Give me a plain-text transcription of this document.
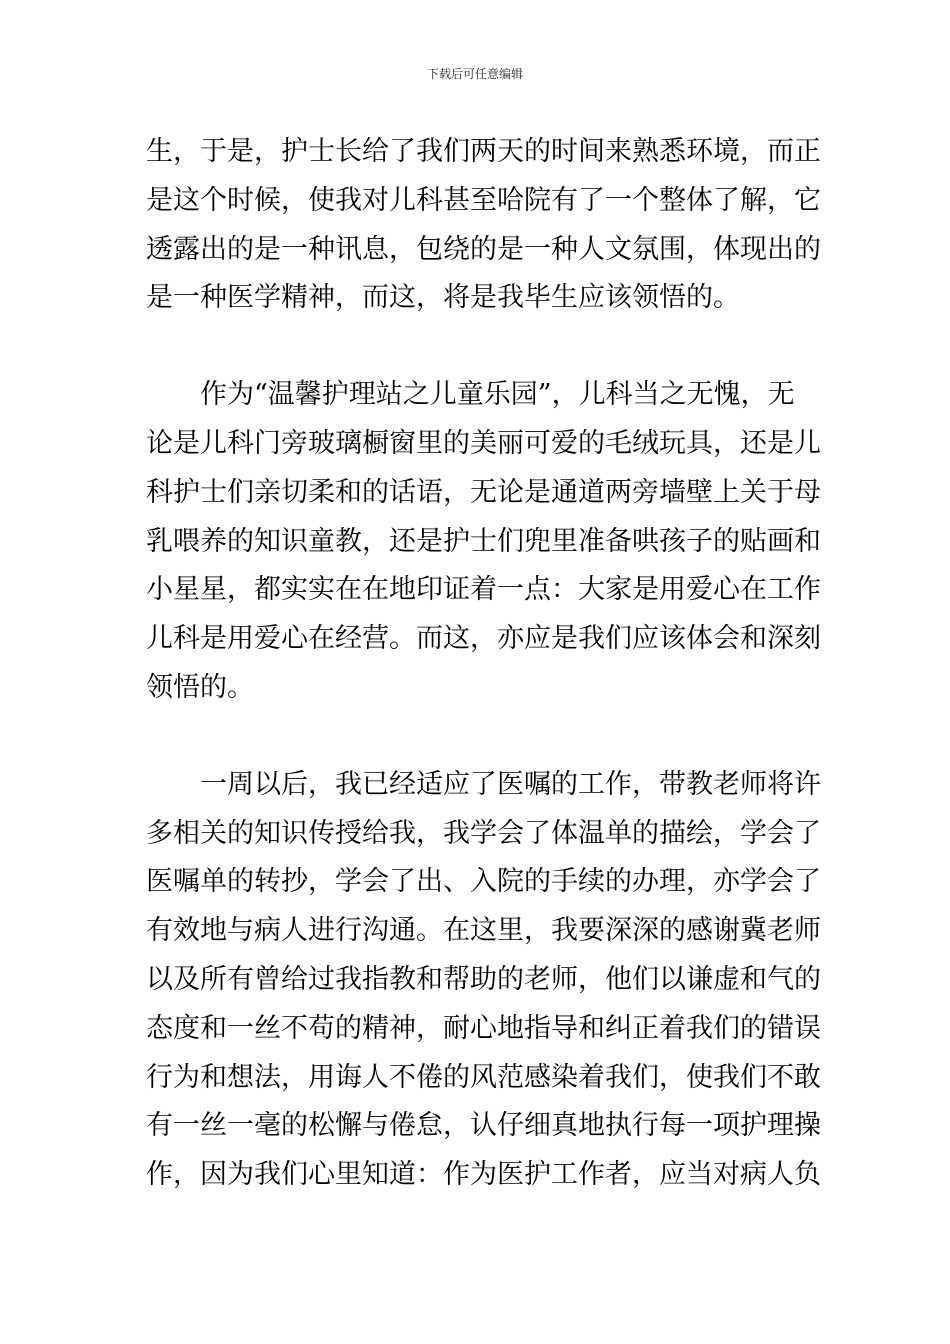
下载后可任意编辑

生，于是，护士长给了我们两天的时间来熟悉环境，而正
是这个时候，使我对儿科甚至哈院有了一个整体了解，它
透露出的是一种讯息，包绕的是一种人文氛围，体现出的
是一种医学精神，而这，将是我毕生应该领悟的。

　　作为“温馨护理站之儿童乐园”，儿科当之无愧，无
论是儿科门旁玻璃橱窗里的美丽可爱的毛绒玩具，还是儿
科护士们亲切柔和的话语，无论是通道两旁墙壁上关于母
乳喂养的知识童教，还是护士们兜里准备哄孩子的贴画和
小星星，都实实在在地印证着一点：大家是用爱心在工作
儿科是用爱心在经营。而这，亦应是我们应该体会和深刻
领悟的。

　　一周以后，我已经适应了医嘱的工作，带教老师将许
多相关的知识传授给我，我学会了体温单的描绘，学会了
医嘱单的转抄，学会了出、入院的手续的办理，亦学会了
有效地与病人进行沟通。在这里，我要深深的感谢冀老师
以及所有曾给过我指教和帮助的老师，他们以谦虚和气的
态度和一丝不苟的精神，耐心地指导和纠正着我们的错误
行为和想法，用诲人不倦的风范感染着我们，使我们不敢
有一丝一毫的松懈与倦怠，认仔细真地执行每一项护理操
作，因为我们心里知道：作为医护工作者，应当对病人负
